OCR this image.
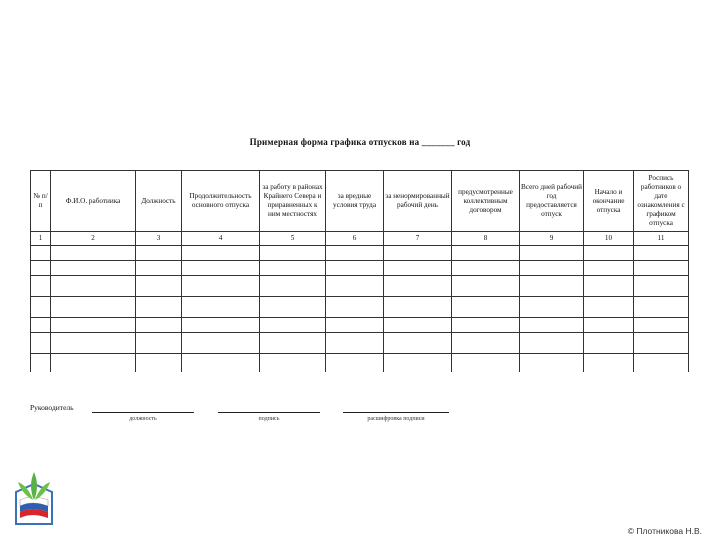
Примерная форма графика отпусков на _______ год
№ п/п	Ф.И.О. работника	Должность	Продолжительность основного отпуска	за работу в районах Крайнего Севера и приравненных к ним местностях	за вредные условия труда	за ненормированный рабочий день	предусмотренные коллективным договором	Всего дней рабочий год предоставляется отпуск	Начало и окончание отпуска	Роспись работников о дате ознакомления с графиком отпуска
1	2	3	4	5	6	7	8	9	10	11

Руководитель
должность	подпись	расшифровка подписи
© Плотникова Н.В.
